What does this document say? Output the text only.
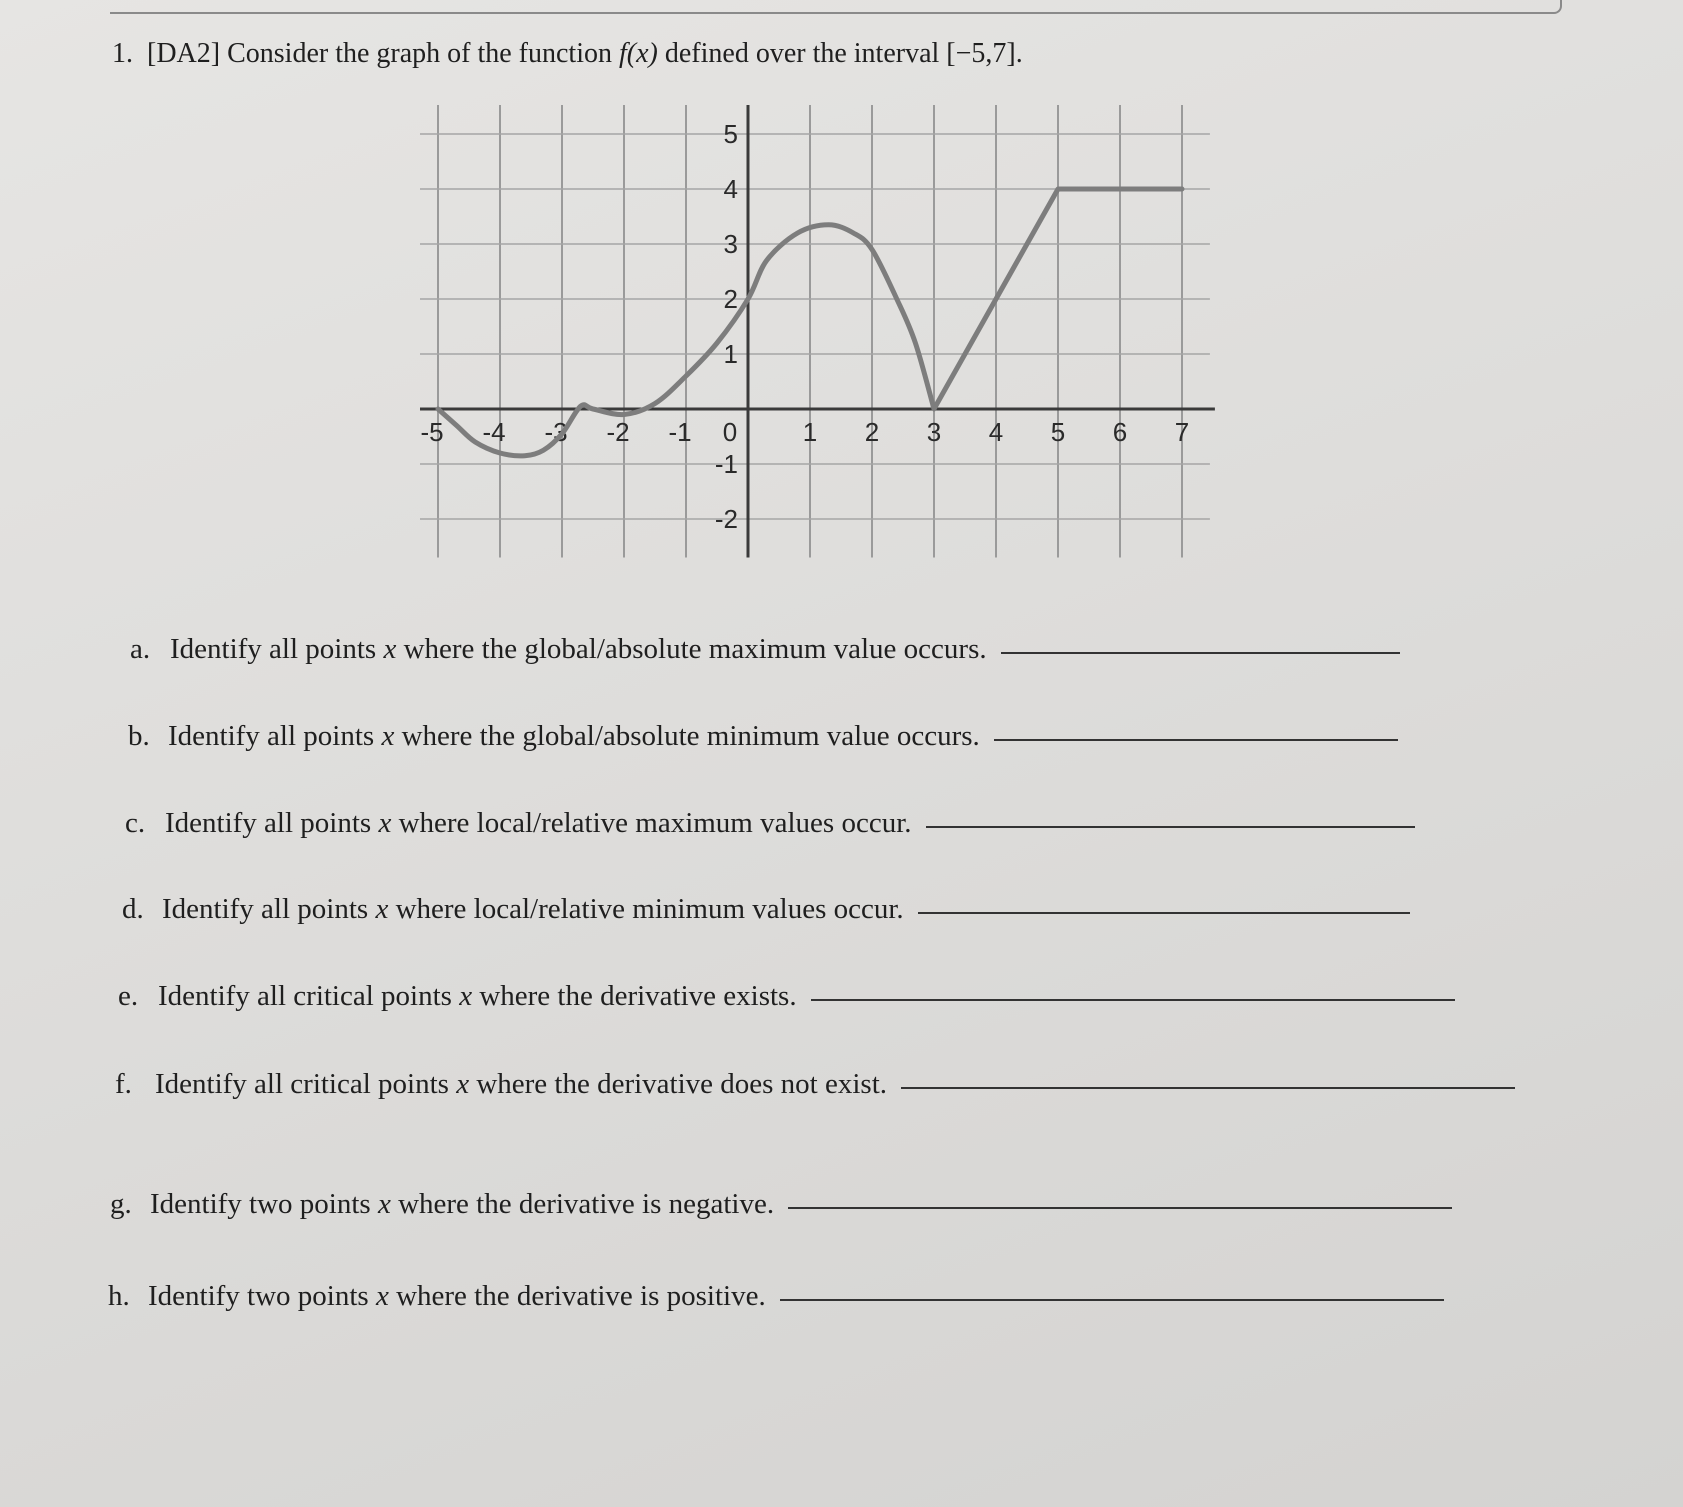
1. [DA2] Consider the graph of the function f(x) defined over the interval [−5,7].
-5 -4 -3 -2 -1 0	1 2 3 4 5 6 7
5
4
3
2
1
-1
-2
a. Identify all points x where the global/absolute maximum value occurs.
b. Identify all points x where the global/absolute minimum value occurs.
c. Identify all points x where local/relative maximum values occur.
d. Identify all points x where local/relative minimum values occur.
e. Identify all critical points x where the derivative exists.
f. Identify all critical points x where the derivative does not exist.
g. Identify two points x where the derivative is negative.
h. Identify two points x where the derivative is positive.
